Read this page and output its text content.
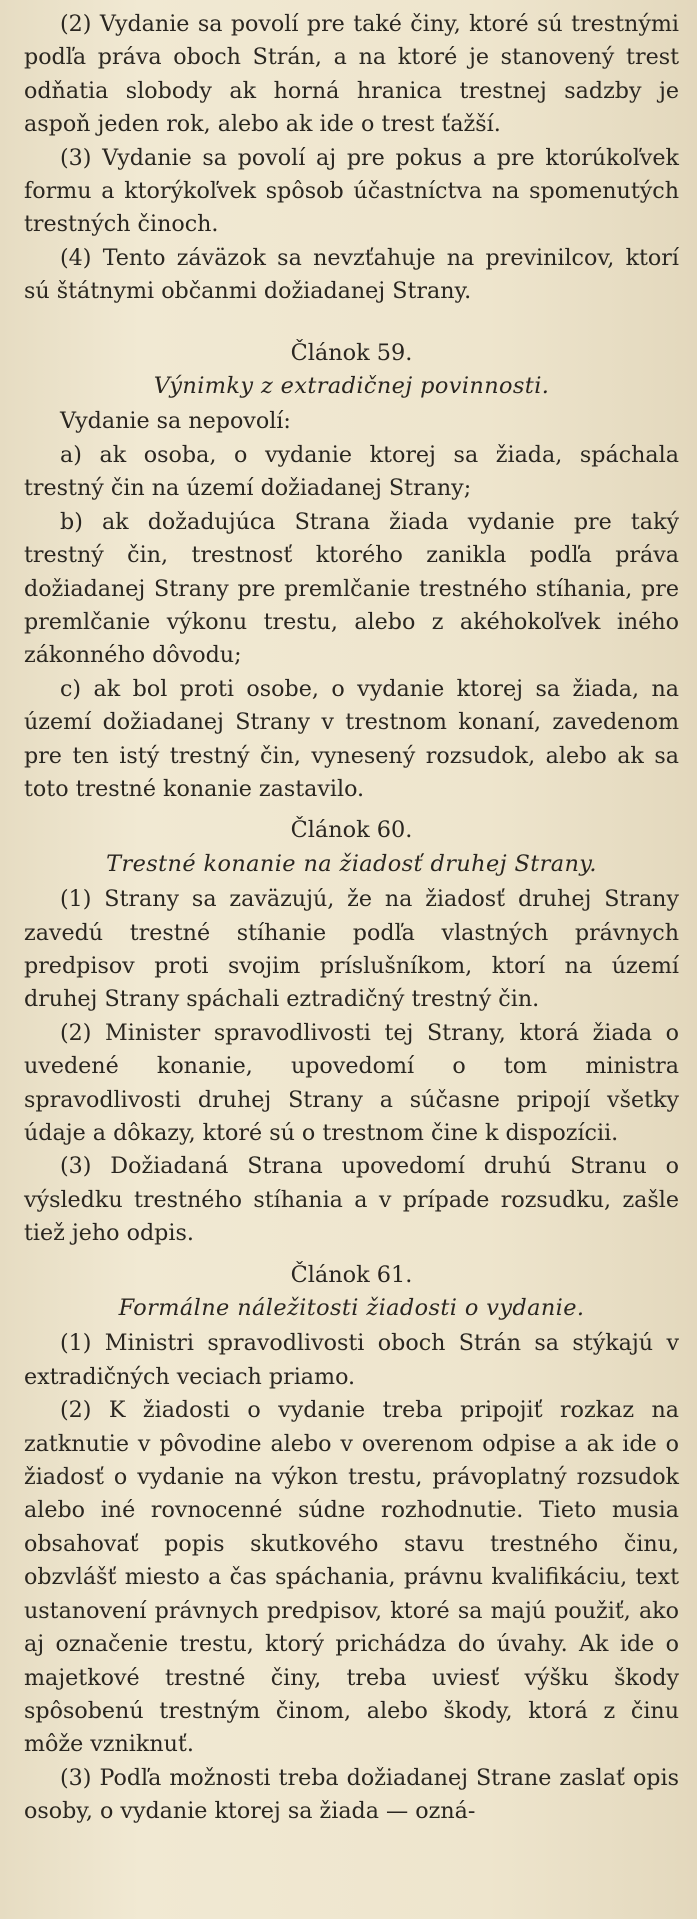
(2) Vydanie sa povolí pre také činy, ktoré sú trestnými podľa práva oboch Strán, a na ktoré je stanovený trest odňatia slobody ak horná hranica trestnej sadzby je aspoň jeden rok, alebo ak ide o trest ťažší.

(3) Vydanie sa povolí aj pre pokus a pre ktorúkoľvek formu a ktorýkoľvek spôsob účastníctva na spomenutých trestných činoch.

(4) Tento záväzok sa nevzťahuje na previnilcov, ktorí sú štátnymi občanmi dožiadanej Strany.

Článok 59.
Výnimky z extradičnej povinnosti.

Vydanie sa nepovolí:

a) ak osoba, o vydanie ktorej sa žiada, spáchala trestný čin na území dožiadanej Strany;

b) ak dožadujúca Strana žiada vydanie pre taký trestný čin, trestnosť ktorého zanikla podľa práva dožiadanej Strany pre premlčanie trestného stíhania, pre premlčanie výkonu trestu, alebo z akéhokoľvek iného zákonného dôvodu;

c) ak bol proti osobe, o vydanie ktorej sa žiada, na území dožiadanej Strany v trestnom konaní, zavedenom pre ten istý trestný čin, vynesený rozsudok, alebo ak sa toto trestné konanie zastavilo.

Článok 60.
Trestné konanie na žiadosť druhej Strany.

(1) Strany sa zaväzujú, že na žiadosť druhej Strany zavedú trestné stíhanie podľa vlastných právnych predpisov proti svojim príslušníkom, ktorí na území druhej Strany spáchali eztradičný trestný čin.

(2) Minister spravodlivosti tej Strany, ktorá žiada o uvedené konanie, upovedomí o tom ministra spravodlivosti druhej Strany a súčasne pripojí všetky údaje a dôkazy, ktoré sú o trestnom čine k dispozícii.

(3) Dožiadaná Strana upovedomí druhú Stranu o výsledku trestného stíhania a v prípade rozsudku, zašle tiež jeho odpis.

Článok 61.
Formálne náležitosti žiadosti o vydanie.

(1) Ministri spravodlivosti oboch Strán sa stýkajú v extradičných veciach priamo.

(2) K žiadosti o vydanie treba pripojiť rozkaz na zatknutie v pôvodine alebo v overenom odpise a ak ide o žiadosť o vydanie na výkon trestu, právoplatný rozsudok alebo iné rovnocenné súdne rozhodnutie. Tieto musia obsahovať popis skutkového stavu trestného činu, obzvlášť miesto a čas spáchania, právnu kvalifikáciu, text ustanovení právnych predpisov, ktoré sa majú použiť, ako aj označenie trestu, ktorý prichádza do úvahy. Ak ide o majetkové trestné činy, treba uviesť výšku škody spôsobenú trestným činom, alebo škody, ktorá z činu môže vzniknuť.

(3) Podľa možnosti treba dožiadanej Strane zaslať opis osoby, o vydanie ktorej sa žiada — ozná-
